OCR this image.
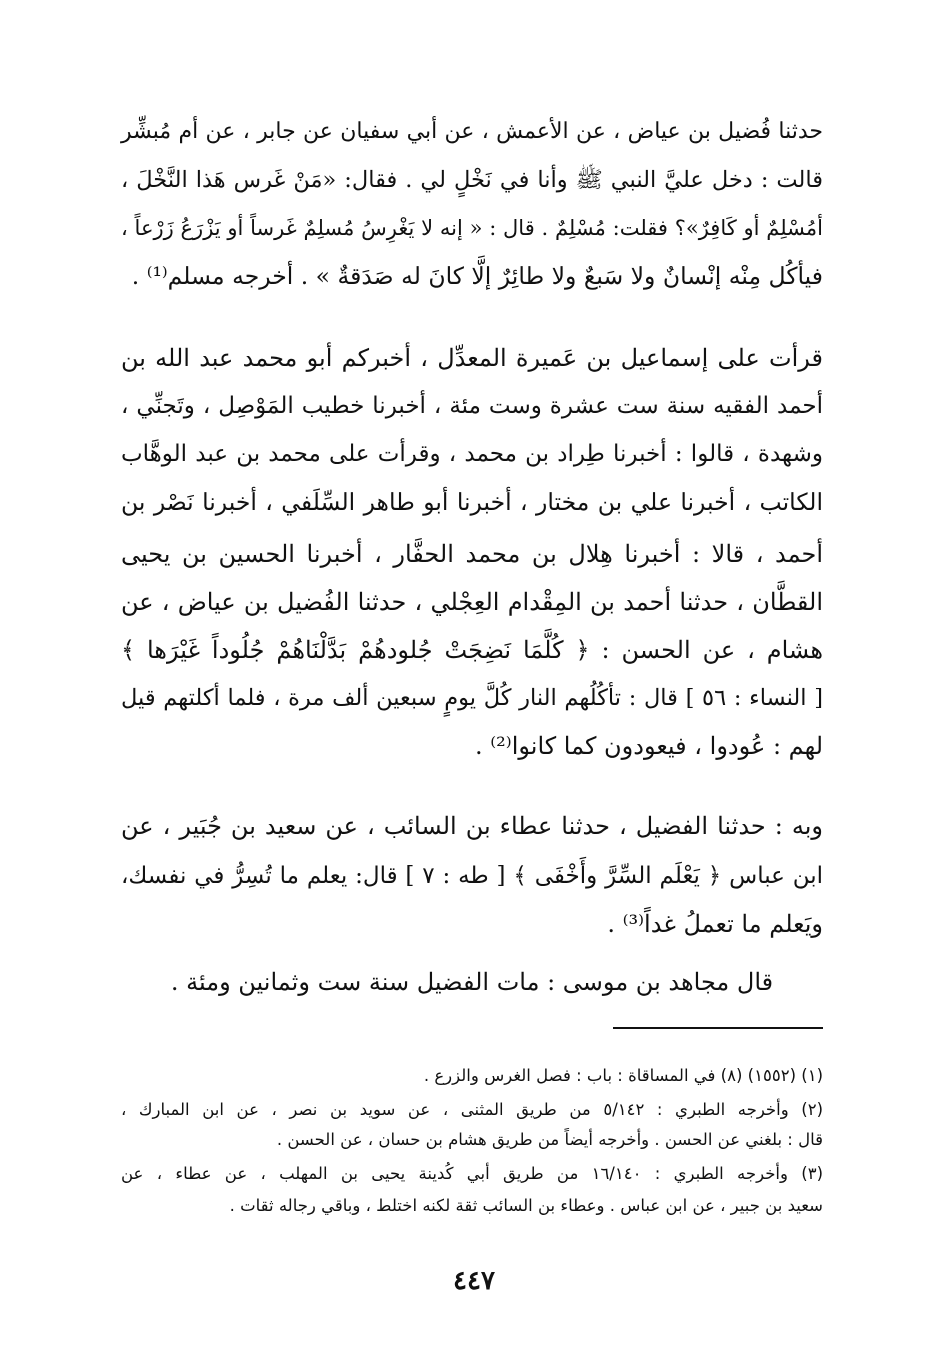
حدثنا فُضيل بن عياض ، عن الأعمش ، عن أبي سفيان عن جابر ، عن أم مُبشِّر
قالت : دخل عليَّ النبي ﷺ وأنا في نَخْلٍ لي . فقال: «مَنْ غَرس هَذا النَّخْلَ ،
أمُسْلِمٌ أو كَافِرٌ»؟ فقلت: مُسْلِمٌ . قال : « إنه لا يَغْرِسُ مُسلِمٌ غَرساً أو يَزْرَعُ زَرْعاً ،
فيأكُل مِنْه إنْسانٌ ولا سَبعٌ ولا طائِرٌ إلَّا كانَ له صَدَقةٌ » . أخرجه مسلم⁽¹⁾ .
قرأت على إسماعيل بن عَميرة المعدِّل ، أخبركم أبو محمد عبد الله بن
أحمد الفقيه سنة ست عشرة وست مئة ، أخبرنا خطيب المَوْصِل ، وتَجنِّي ،
وشهدة ، قالوا : أخبرنا طِراد بن محمد ، وقرأت على محمد بن عبد الوهَّاب
الكاتب ، أخبرنا علي بن مختار ، أخبرنا أبو طاهر السِّلَفي ، أخبرنا نَصْر بن
أحمد ، قالا : أخبرنا هِلال بن محمد الحفَّار ، أخبرنا الحسين بن يحيى
القطَّان ، حدثنا أحمد بن المِقْدام العِجْلي ، حدثنا الفُضيل بن عياض ، عن
هشام ، عن الحسن : ﴿ كُلَّمَا نَضِجَتْ جُلودهُمْ بَدَّلْنَاهُمْ جُلُوداً غَيْرَها ﴾
[ النساء : ٥٦ ] قال : تأكُلُهم النار كُلَّ يومٍ سبعين ألف مرة ، فلما أكلتهم قيل
لهم : عُودوا ، فيعودون كما كانوا⁽²⁾ .
وبه : حدثنا الفضيل ، حدثنا عطاء بن السائب ، عن سعيد بن جُبَير ، عن
ابن عباس ﴿ يَعْلَم السِّرَّ وأَخْفَى ﴾ [ طه : ٧ ] قال: يعلم ما تُسِرُّ في نفسك،
ويَعلم ما تعملُ غداً⁽³⁾ .
قال مجاهد بن موسى : مات الفضيل سنة ست وثمانين ومئة .
(١) (١٥٥٢) (٨) في المساقاة : باب : فصل الغرس والزرع .
(٢) وأخرجه الطبري : ٥/١٤٢ من طريق المثنى ، عن سويد بن نصر ، عن ابن المبارك ،
قال : بلغني عن الحسن . وأخرجه أيضاً من طريق هشام بن حسان ، عن الحسن .
(٣) وأخرجه الطبري : ١٦/١٤٠ من طريق أبي كُدينة يحيى بن المهلب ، عن عطاء ، عن
سعيد بن جبير ، عن ابن عباس . وعطاء بن السائب ثقة لكنه اختلط ، وباقي رجاله ثقات .
٤٤٧
